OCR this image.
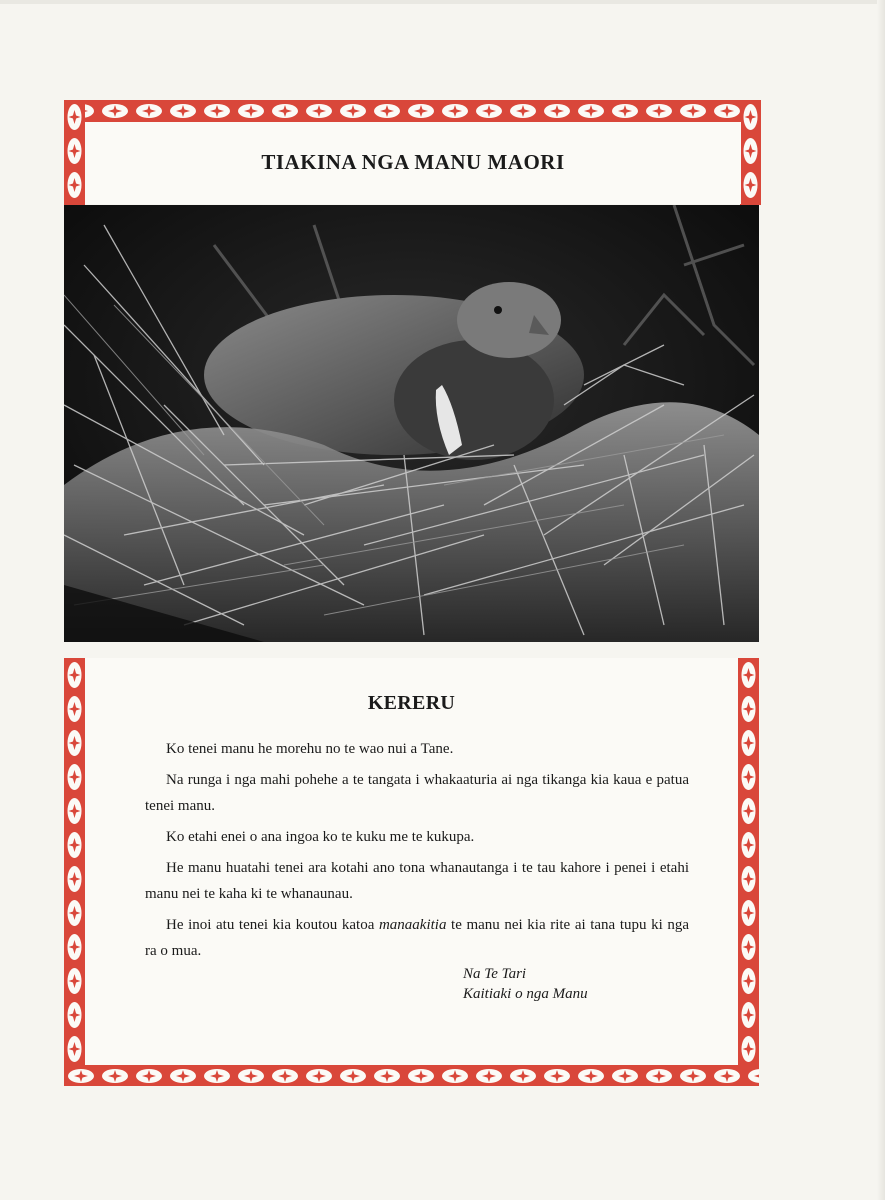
TIAKINA NGA MANU MAORI
KERERU

Ko tenei manu he morehu no te wao nui a Tane.

Na runga i nga mahi pohehe a te tangata i whakaaturia ai nga tikanga kia kaua e patua tenei manu.

Ko etahi enei o ana ingoa ko te kuku me te kukupa.

He manu huatahi tenei ara kotahi ano tona whanautanga i te tau kahore i penei i etahi manu nei te kaha ki te whanaunau.

He inoi atu tenei kia koutou katoa manaakitia te manu nei kia rite ai tana tupu ki nga ra o mua.

Na Te Tari
Kaitiaki o nga Manu
